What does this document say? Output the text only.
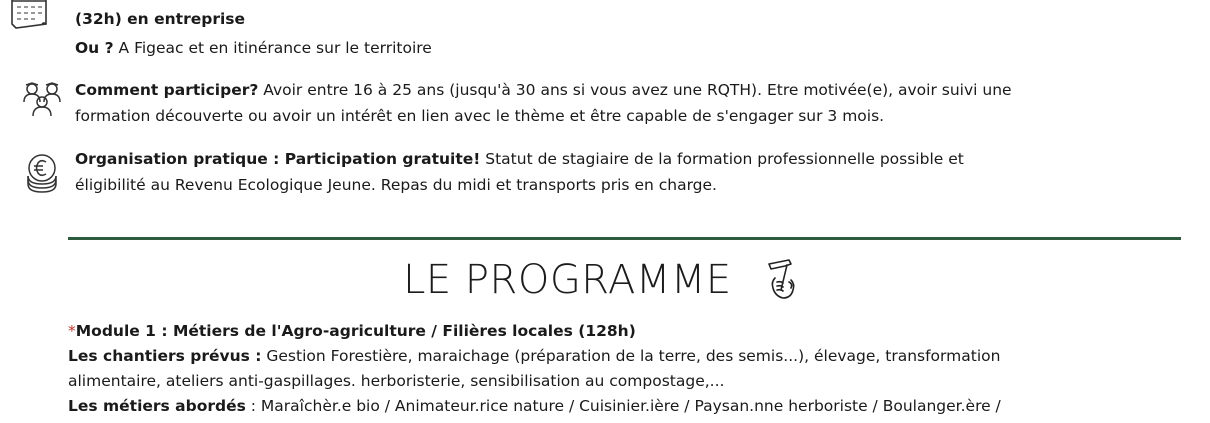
(32h) en entreprise
Ou ? A Figeac et en itinérance sur le territoire
Comment participer? Avoir entre 16 à 25 ans (jusqu'à 30 ans si vous avez une RQTH). Etre motivée(e), avoir suivi une
formation découverte ou avoir un intérêt en lien avec le thème et être capable de s'engager sur 3 mois.
Organisation pratique : Participation gratuite! Statut de stagiaire de la formation professionnelle possible et
éligibilité au Revenu Ecologique Jeune. Repas du midi et transports pris en charge.
LE PROGRAMME
*Module 1 : Métiers de l'Agro-agriculture / Filières locales (128h)
Les chantiers prévus : Gestion Forestière, maraichage (préparation de la terre, des semis...), élevage, transformation
alimentaire, ateliers anti-gaspillages. herboristerie, sensibilisation au compostage,...
Les métiers abordés : Maraîchèr.e bio / Animateur.rice nature / Cuisinier.ière / Paysan.nne herboriste / Boulanger.ère /
